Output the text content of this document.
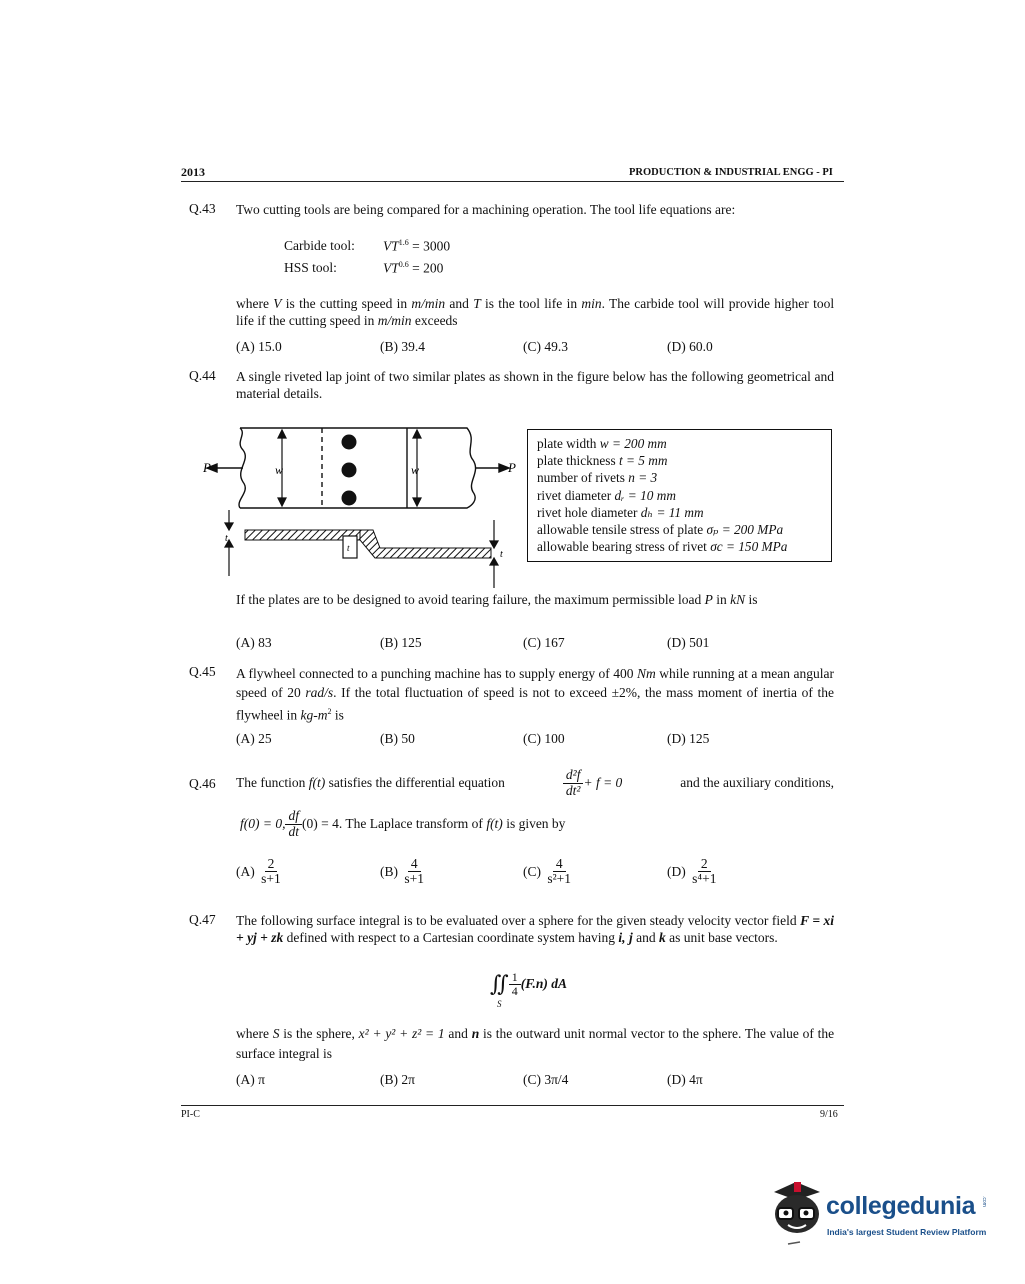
2013	PRODUCTION & INDUSTRIAL ENGG - PI
Q.43 Two cutting tools are being compared for a machining operation. The tool life equations are:
Carbide tool: $VT^{1.6} = 3000$
HSS tool:	$VT^{0.6} = 200$
where V is the cutting speed in m/min and T is the tool life in min. The carbide tool will provide higher tool life if the cutting speed in m/min exceeds
(A) 15.0	(B) 39.4	(C) 49.3	(D) 60.0
Q.44 A single riveted lap joint of two similar plates as shown in the figure below has the following geometrical and material details.
w	w
P	P
t
t
t
plate width w = 200 mm
plate thickness t = 5 mm
number of rivets n = 3
rivet diameter dᵣ = 10 mm
rivet hole diameter dₕ = 11 mm
allowable tensile stress of plate σₚ = 200 MPa
allowable bearing stress of rivet σc = 150 MPa
If the plates are to be designed to avoid tearing failure, the maximum permissible load P in kN is
(A) 83	(B) 125	(C) 167	(D) 501
Q.45 A flywheel connected to a punching machine has to supply energy of 400 Nm while running at a mean angular speed of 20 rad/s. If the total fluctuation of speed is not to exceed ±2%, the mass moment of inertia of the flywheel in $kg-m^2$ is
(A) 25	(B) 50	(C) 100	(D) 125
Q.46 The function f(t) satisfies the differential equation	$\frac{\text{d²f}}{\text{dt²}} + f = 0$	and the auxiliary conditions,
f(0) = 0, $\frac{df}{dt} (0) = 4$ . The Laplace transform of
f(t)
is given by
(A)
$\frac{2}{s+1}$	(B)
$\frac{4}{s+1}$	(C)
$\frac{4}{\text{s²+1}}$	(D)
$\frac{2}{\text{s⁴+1}}$
Q.47 The following surface integral is to be evaluated over a sphere for the given steady velocity vector field F = xi + yj + zk defined with respect to a Cartesian coordinate system having i, j and k as unit base vectors.
∬
S
$\frac{1}{4} (F.n)$ dA
where S is the sphere, x² + y² + z² = 1 and n is the outward unit normal vector to the sphere. The value of the surface integral is
(A) π	(B) 2π	(C) 3π/4	(D) 4π
PI-C	9/16
collegedunia .com
India's largest Student Review Platform
